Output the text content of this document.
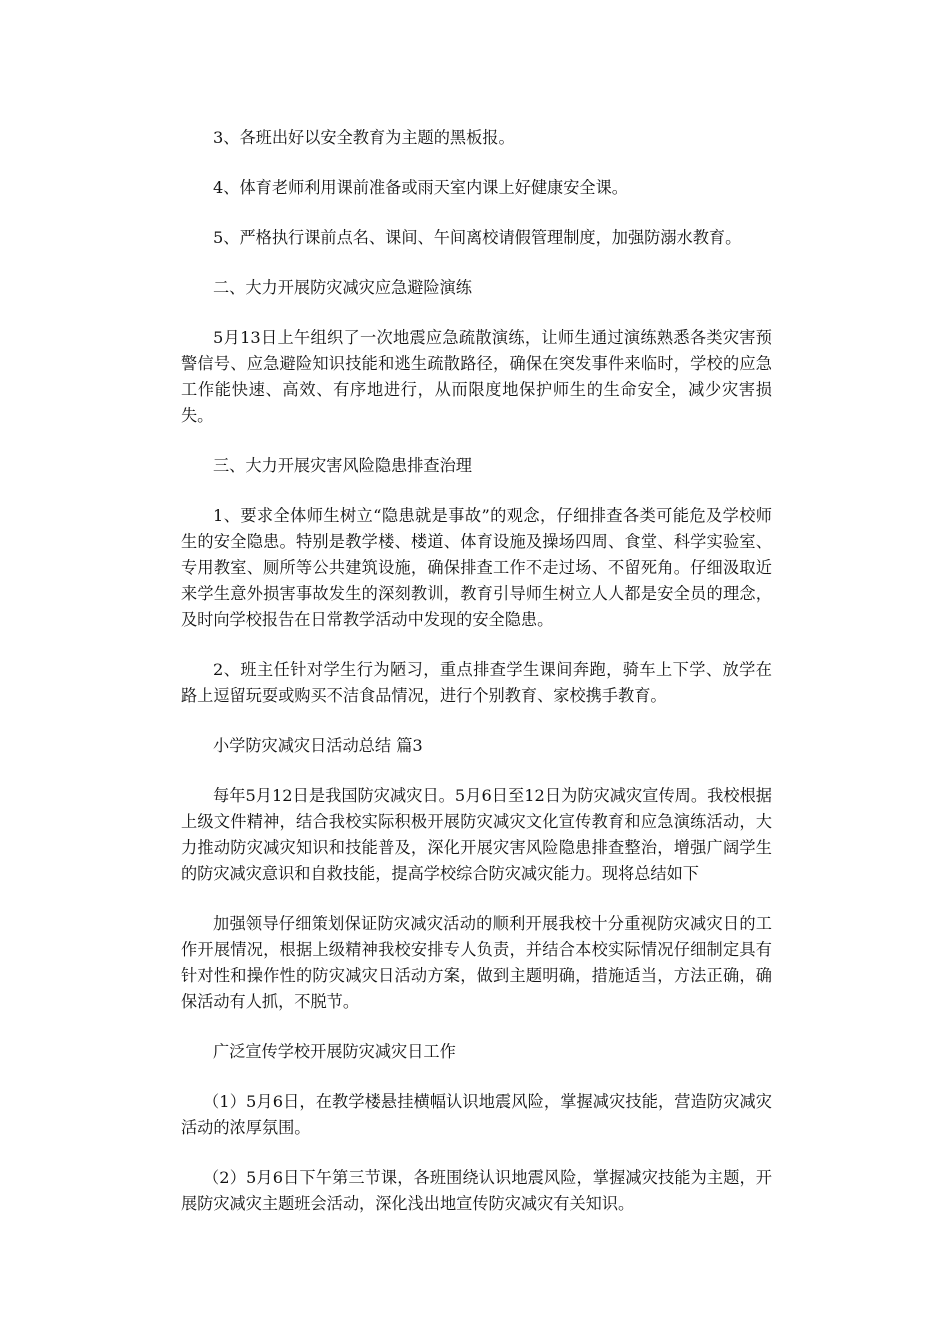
3、各班出好以安全教育为主题的黑板报。

4、体育老师利用课前准备或雨天室内课上好健康安全课。

5、严格执行课前点名、课间、午间离校请假管理制度，加强防溺水教育。

二、大力开展防灾减灾应急避险演练

5月13日上午组织了一次地震应急疏散演练，让师生通过演练熟悉各类灾害预警信号、应急避险知识技能和逃生疏散路径，确保在突发事件来临时，学校的应急工作能快速、高效、有序地进行，从而限度地保护师生的生命安全，减少灾害损失。

三、大力开展灾害风险隐患排查治理

1、要求全体师生树立“隐患就是事故”的观念，仔细排查各类可能危及学校师生的安全隐患。特别是教学楼、楼道、体育设施及操场四周、食堂、科学实验室、专用教室、厕所等公共建筑设施，确保排查工作不走过场、不留死角。仔细汲取近来学生意外损害事故发生的深刻教训，教育引导师生树立人人都是安全员的理念，及时向学校报告在日常教学活动中发现的安全隐患。

2、班主任针对学生行为陋习，重点排查学生课间奔跑，骑车上下学、放学在路上逗留玩耍或购买不洁食品情况，进行个别教育、家校携手教育。

小学防灾减灾日活动总结 篇3

每年5月12日是我国防灾减灾日。5月6日至12日为防灾减灾宣传周。我校根据上级文件精神，结合我校实际积极开展防灾减灾文化宣传教育和应急演练活动，大力推动防灾减灾知识和技能普及，深化开展灾害风险隐患排查整治，增强广阔学生的防灾减灾意识和自救技能，提高学校综合防灾减灾能力。现将总结如下

加强领导仔细策划保证防灾减灾活动的顺利开展我校十分重视防灾减灾日的工作开展情况，根据上级精神我校安排专人负责，并结合本校实际情况仔细制定具有针对性和操作性的防灾减灾日活动方案，做到主题明确，措施适当，方法正确，确保活动有人抓，不脱节。

广泛宣传学校开展防灾减灾日工作

（1）5月6日，在教学楼悬挂横幅认识地震风险，掌握减灾技能，营造防灾减灾活动的浓厚氛围。

（2）5月6日下午第三节课，各班围绕认识地震风险，掌握减灾技能为主题，开展防灾减灾主题班会活动，深化浅出地宣传防灾减灾有关知识。
